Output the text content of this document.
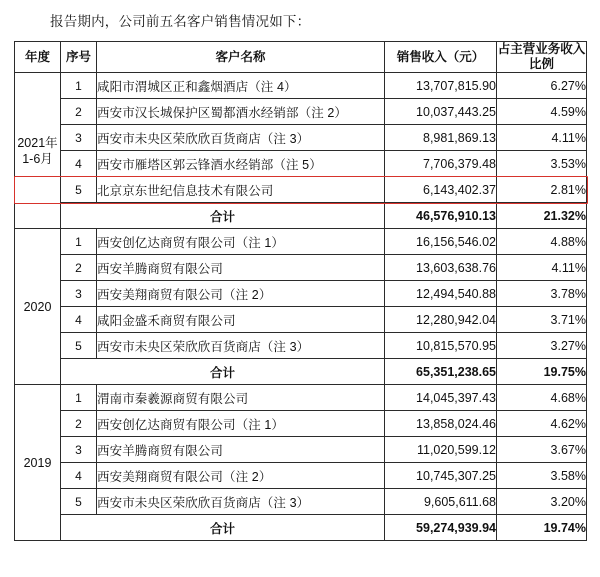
报告期内，公司前五名客户销售情况如下：

年度	序号	客户名称	销售收入（元）	占主营业务收入比例
2021年 1-6月	1	咸阳市渭城区正和鑫烟酒店（注 4）	13,707,815.90	6.27%
	2	西安市汉长城保护区蜀都酒水经销部（注 2）	10,037,443.25	4.59%
	3	西安市未央区荣欣欣百货商店（注 3）	8,981,869.13	4.11%
	4	西安市雁塔区郭云锋酒水经销部（注 5）	7,706,379.48	3.53%
	5	北京京东世纪信息技术有限公司	6,143,402.37	2.81%
	合计		46,576,910.13	21.32%
2020	1	西安创亿达商贸有限公司（注 1）	16,156,546.02	4.88%
	2	西安羊腾商贸有限公司	13,603,638.76	4.11%
	3	西安美翔商贸有限公司（注 2）	12,494,540.88	3.78%
	4	咸阳金盛禾商贸有限公司	12,280,942.04	3.71%
	5	西安市未央区荣欣欣百货商店（注 3）	10,815,570.95	3.27%
	合计		65,351,238.65	19.75%
2019	1	渭南市秦羲源商贸有限公司	14,045,397.43	4.68%
	2	西安创亿达商贸有限公司（注 1）	13,858,024.46	4.62%
	3	西安羊腾商贸有限公司	11,020,599.12	3.67%
	4	西安美翔商贸有限公司（注 2）	10,745,307.25	3.58%
	5	西安市未央区荣欣欣百货商店（注 3）	9,605,611.68	3.20%
	合计		59,274,939.94	19.74%
